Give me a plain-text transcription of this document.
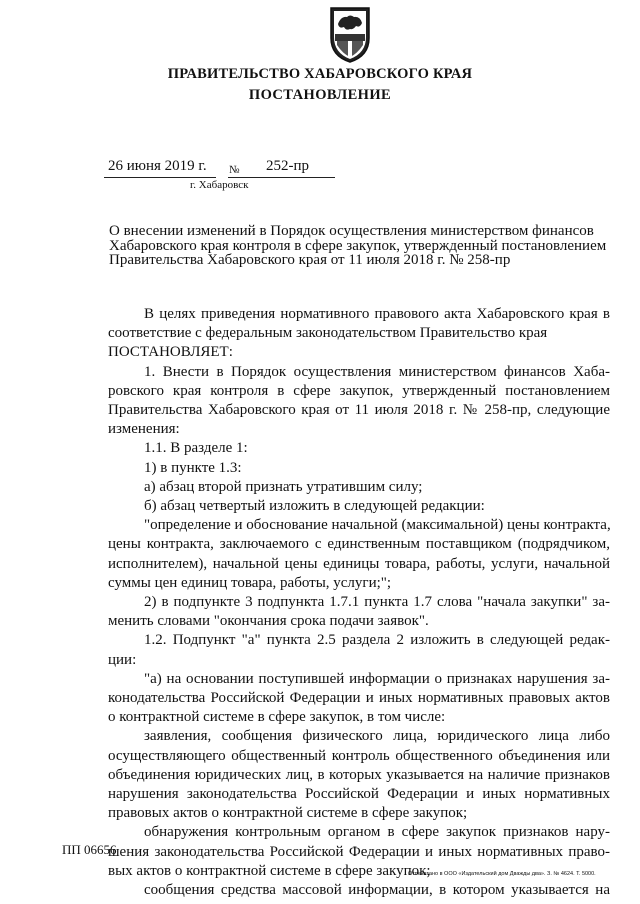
ПРАВИТЕЛЬСТВО ХАБАРОВСКОГО КРАЯ
ПОСТАНОВЛЕНИЕ
26 июня 2019 г. № 252-пр
г. Хабаровск
О внесении изменений в Порядок осуществления министерством финансов
Хабаровского края контроля в сфере закупок, утвержденный постановлением
Правительства Хабаровского края от 11 июля 2018 г. № 258-пр
В целях приведения нормативного правового акта Хабаровского края в
соответствие с федеральным законодательством Правительство края
ПОСТАНОВЛЯЕТ:
1. Внести в Порядок осуществления министерством финансов Хаба-
ровского края контроля в сфере закупок, утвержденный постановлением
Правительства Хабаровского края от 11 июля 2018 г. № 258-пр, следующие
изменения:
1.1. В разделе 1:
1) в пункте 1.3:
а) абзац второй признать утратившим силу;
б) абзац четвертый изложить в следующей редакции:
"определение и обоснование начальной (максимальной) цены контракта,
цены контракта, заключаемого с единственным поставщиком (подрядчиком,
исполнителем), начальной цены единицы товара, работы, услуги, начальной
суммы цен единиц товара, работы, услуги;";
2) в подпункте 3 подпункта 1.7.1 пункта 1.7 слова "начала закупки" за-
менить словами "окончания срока подачи заявок".
1.2. Подпункт "а" пункта 2.5 раздела 2 изложить в следующей редак-
ции:
"а) на основании поступившей информации о признаках нарушения за-
конодательства Российской Федерации и иных нормативных правовых актов
о контрактной системе в сфере закупок, в том числе:
заявления, сообщения физического лица, юридического лица либо
осуществляющего общественный контроль общественного объединения или
объединения юридических лиц, в которых указывается на наличие признаков
нарушения законодательства Российской Федерации и иных нормативных
правовых актов о контрактной системе в сфере закупок;
обнаружения контрольным органом в сфере закупок признаков нару-
шения законодательства Российской Федерации и иных нормативных право-
вых актов о контрактной системе в сфере закупок;
сообщения средства массовой информации, в котором указывается на
ПП 06656
Отпечатано в ООО «Издательский дом Дважды два». З. № 4624. Т. 5000.
